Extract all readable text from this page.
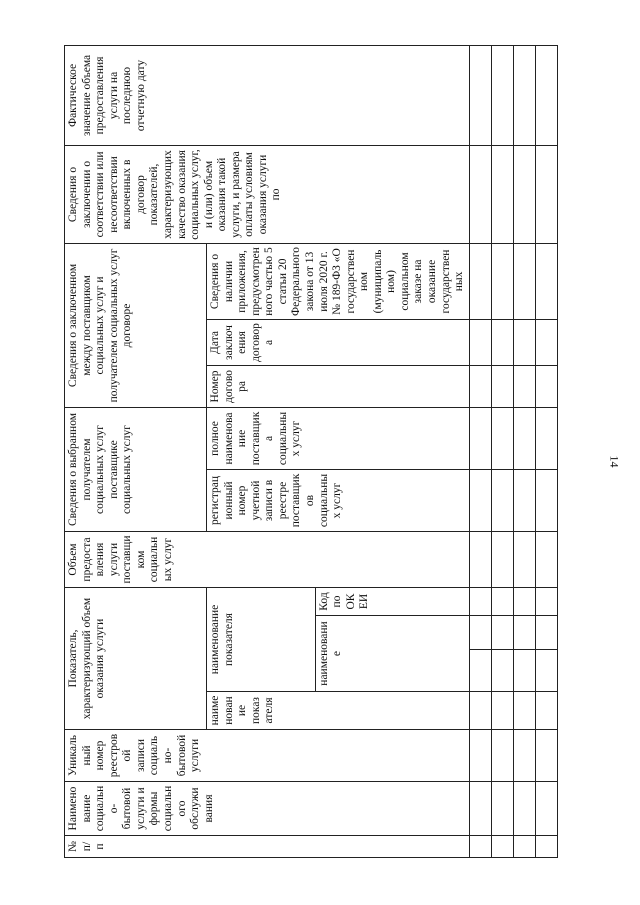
14
№ п/ п	Наименование социально-бытовой услуги и формы социального обслуживания	Уникальный номер реестровой записи социально-бытовой услуги	Показатель, характеризующий объем оказания услуги				Объем предоставления услуги поставщиком социальных услуг	Сведения о выбранном получателем социальных услуг поставщике социальных услуг		Сведения о заключенном между поставщиком социальных услуг и получателем социальных услуг договоре			Сведения о заключении о соответствии или несоответствии включенных в договор показателей, характеризующих качество оказания социальных услуг, и (или) объем оказания такой услуги, и размера оплаты условиям оказания услуги по	Фактическое значение объема предоставления услуги на последнюю отчетную дату
			наименование показателя	наименование показателя				регистрационный номер учетной записи в реестре поставщиков социальных услуг	полное наименование поставщика социальных услуг	Номер договора	Дата заключения договора	Сведения о наличии приложения, предусмотренного частью 5 статьи 20 Федерального закона от 13 июля 2020 г. № 189-ФЗ «О государственном (муниципальном) социальном заказе на оказание государственных		
				наименование		Код по ОКЕИ								
